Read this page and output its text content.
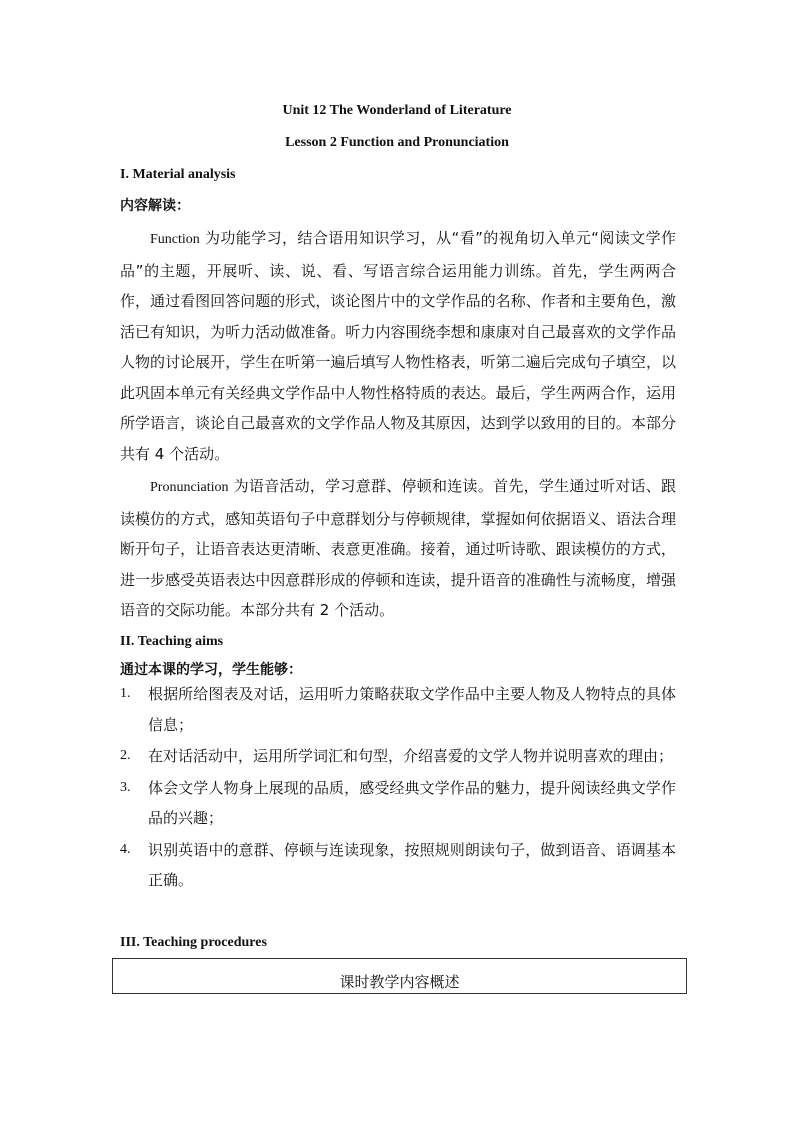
Unit 12 The Wonderland of Literature
Lesson 2 Function and Pronunciation
I. Material analysis
内容解读：
Function 为功能学习，结合语用知识学习，从“看”的视角切入单元“阅读文学作品”的主题，开展听、读、说、看、写语言综合运用能力训练。首先，学生两两合作，通过看图回答问题的形式，谈论图片中的文学作品的名称、作者和主要角色，激活已有知识，为听力活动做准备。听力内容围绕李想和康康对自己最喜欢的文学作品人物的讨论展开，学生在听第一遍后填写人物性格表，听第二遍后完成句子填空，以此巩固本单元有关经典文学作品中人物性格特质的表达。最后，学生两两合作，运用所学语言，谈论自己最喜欢的文学作品人物及其原因，达到学以致用的目的。本部分共有 4 个活动。
Pronunciation 为语音活动，学习意群、停顿和连读。首先，学生通过听对话、跟读模仿的方式，感知英语句子中意群划分与停顿规律，掌握如何依据语义、语法合理断开句子，让语音表达更清晰、表意更准确。接着，通过听诗歌、跟读模仿的方式，进一步感受英语表达中因意群形成的停顿和连读，提升语音的准确性与流畅度，增强语音的交际功能。本部分共有 2 个活动。
II. Teaching aims
通过本课的学习，学生能够：
1. 根据所给图表及对话，运用听力策略获取文学作品中主要人物及人物特点的具体信息；
2. 在对话活动中，运用所学词汇和句型，介绍喜爱的文学人物并说明喜欢的理由；
3. 体会文学人物身上展现的品质，感受经典文学作品的魅力，提升阅读经典文学作品的兴趣；
4. 识别英语中的意群、停顿与连读现象，按照规则朗读句子，做到语音、语调基本正确。
III. Teaching procedures
课时教学内容概述
